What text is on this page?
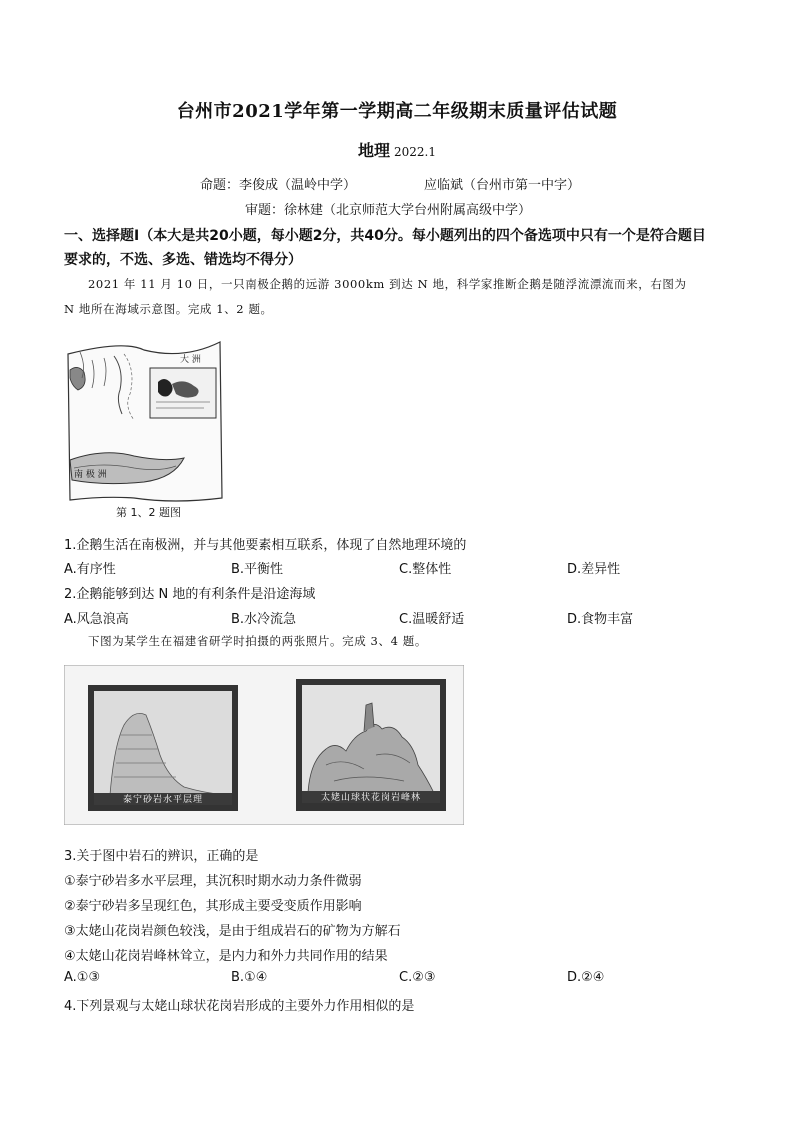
台州市2021学年第一学期高二年级期末质量评估试题
地理 2022.1
命题：李俊成（温岭中学）	应临斌（台州市第一中字）
审题：徐林建（北京师范大学台州附属高级中学）
一、选择题Ⅰ（本大是共20小题，每小题2分，共40分。每小题列出的四个备选项中只有一个是符合题目
要求的，不选、多选、错选均不得分）
2021 年 11 月 10 日，一只南极企鹅的远游 3000km 到达 N 地，科学家推断企鹅是随浮流漂流而来，右图为
N 地所在海域示意图。完成 1、2 题。
大 洲
南 极 洲
第 1、2 题图
1.企鹅生活在南极洲，并与其他要素相互联系，体现了自然地理环境的
A.有序性	B.平衡性	C.整体性	D.差异性
2.企鹅能够到达 N 地的有利条件是沿途海域
A.风急浪高	B.水冷流急	C.温暖舒适	D.食物丰富
下图为某学生在福建省研学时拍摄的两张照片。完成 3、4 题。
泰宁砂岩水平层理	太姥山球状花岗岩峰林
3.关于图中岩石的辨识，正确的是
①泰宁砂岩多水平层理，其沉积时期水动力条件微弱
②泰宁砂岩多呈现红色，其形成主要受变质作用影响
③太姥山花岗岩颜色较浅，是由于组成岩石的矿物为方解石
④太姥山花岗岩峰林耸立，是内力和外力共同作用的结果
A.①③	B.①④	C.②③	D.②④
4.下列景观与太姥山球状花岗岩形成的主要外力作用相似的是
